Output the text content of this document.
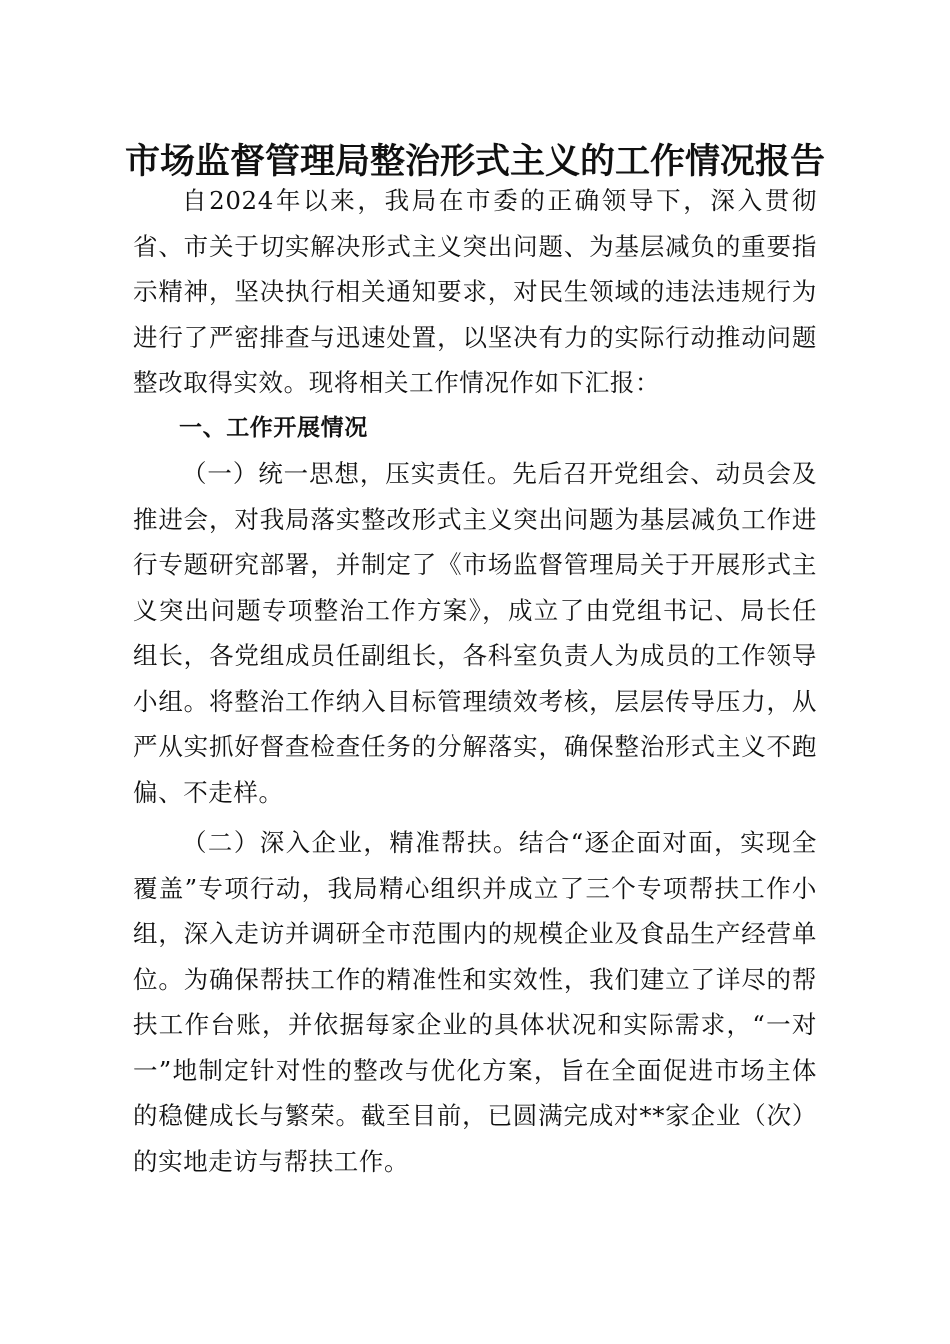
市场监督管理局整治形式主义的工作情况报告

自2024年以来，我局在市委的正确领导下，深入贯彻省、市关于切实解决形式主义突出问题、为基层减负的重要指示精神，坚决执行相关通知要求，对民生领域的违法违规行为进行了严密排查与迅速处置，以坚决有力的实际行动推动问题整改取得实效。现将相关工作情况作如下汇报：

一、工作开展情况

（一）统一思想，压实责任。先后召开党组会、动员会及推进会，对我局落实整改形式主义突出问题为基层减负工作进行专题研究部署，并制定了《市场监督管理局关于开展形式主义突出问题专项整治工作方案》，成立了由党组书记、局长任组长，各党组成员任副组长，各科室负责人为成员的工作领导小组。将整治工作纳入目标管理绩效考核，层层传导压力，从严从实抓好督查检查任务的分解落实，确保整治形式主义不跑偏、不走样。

（二）深入企业，精准帮扶。结合“逐企面对面，实现全覆盖”专项行动，我局精心组织并成立了三个专项帮扶工作小组，深入走访并调研全市范围内的规模企业及食品生产经营单位。为确保帮扶工作的精准性和实效性，我们建立了详尽的帮扶工作台账，并依据每家企业的具体状况和实际需求，“一对一”地制定针对性的整改与优化方案，旨在全面促进市场主体的稳健成长与繁荣。截至目前，已圆满完成对**家企业（次）的实地走访与帮扶工作。
